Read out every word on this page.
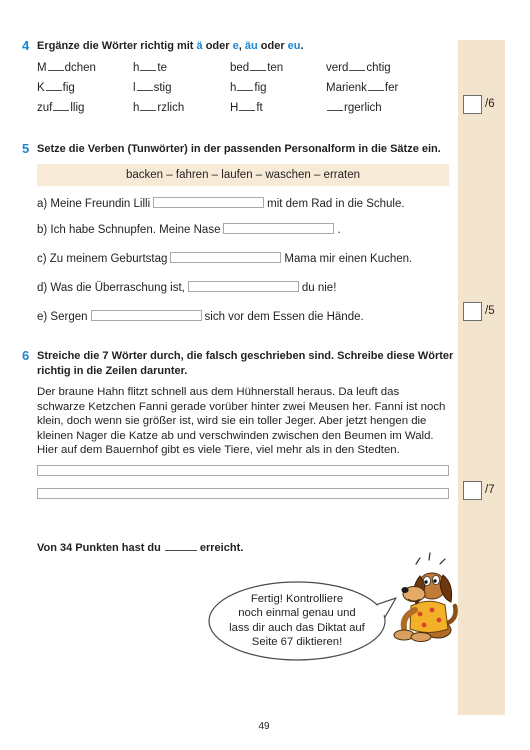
4 Ergänze die Wörter richtig mit ä oder e, äu oder eu.
M dchen	h te	bed ten	verd chtig
K fig	l stig	h fig	Marienk fer
zuf llig	h rzlich	H ft	rgerlich	/6
5 Setze die Verben (Tunwörter) in der passenden Personalform in die Sätze ein.
backen – fahren – laufen – waschen – erraten
a) Meine Freundin Lilli	mit dem Rad in die Schule.
b) Ich habe Schnupfen. Meine Nase	.
c) Zu meinem Geburtstag	Mama mir einen Kuchen.
d) Was die Überraschung ist,	du nie!
e) Sergen	sich vor dem Essen die Hände.	/5
6 Streiche die 7 Wörter durch, die falsch geschrieben sind. Schreibe diese Wörter
richtig in die Zeilen darunter.
Der braune Hahn flitzt schnell aus dem Hühnerstall heraus. Da leuft das
schwarze Ketzchen Fanni gerade vorüber hinter zwei Meusen her. Fanni ist noch
klein, doch wenn sie größer ist, wird sie ein toller Jeger. Aber jetzt hengen die
kleinen Nager die Katze ab und verschwinden zwischen den Beumen im Wald.
Hier auf dem Bauernhof gibt es viele Tiere, viel mehr als in den Stedten.
/7
Von 34 Punkten hast du	erreicht.
Fertig! Kontrolliere
noch einmal genau und
lass dir auch das Diktat auf
Seite 67 diktieren!
49
